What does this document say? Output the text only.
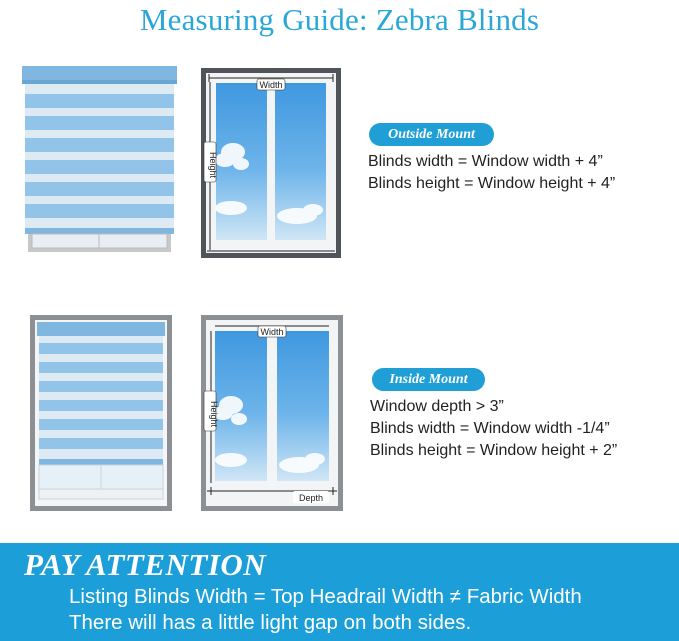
Measuring Guide: Zebra Blinds
Width
Height
Outside Mount
Blinds width = Window width + 4”
Blinds height = Window height + 4”
Width
Height
Depth
Inside Mount
Window depth > 3”
Blinds width = Window width -1/4”
Blinds height = Window height + 2”
PAY ATTENTION
Listing Blinds Width = Top Headrail Width ≠ Fabric Width
There will has a little light gap on both sides.
